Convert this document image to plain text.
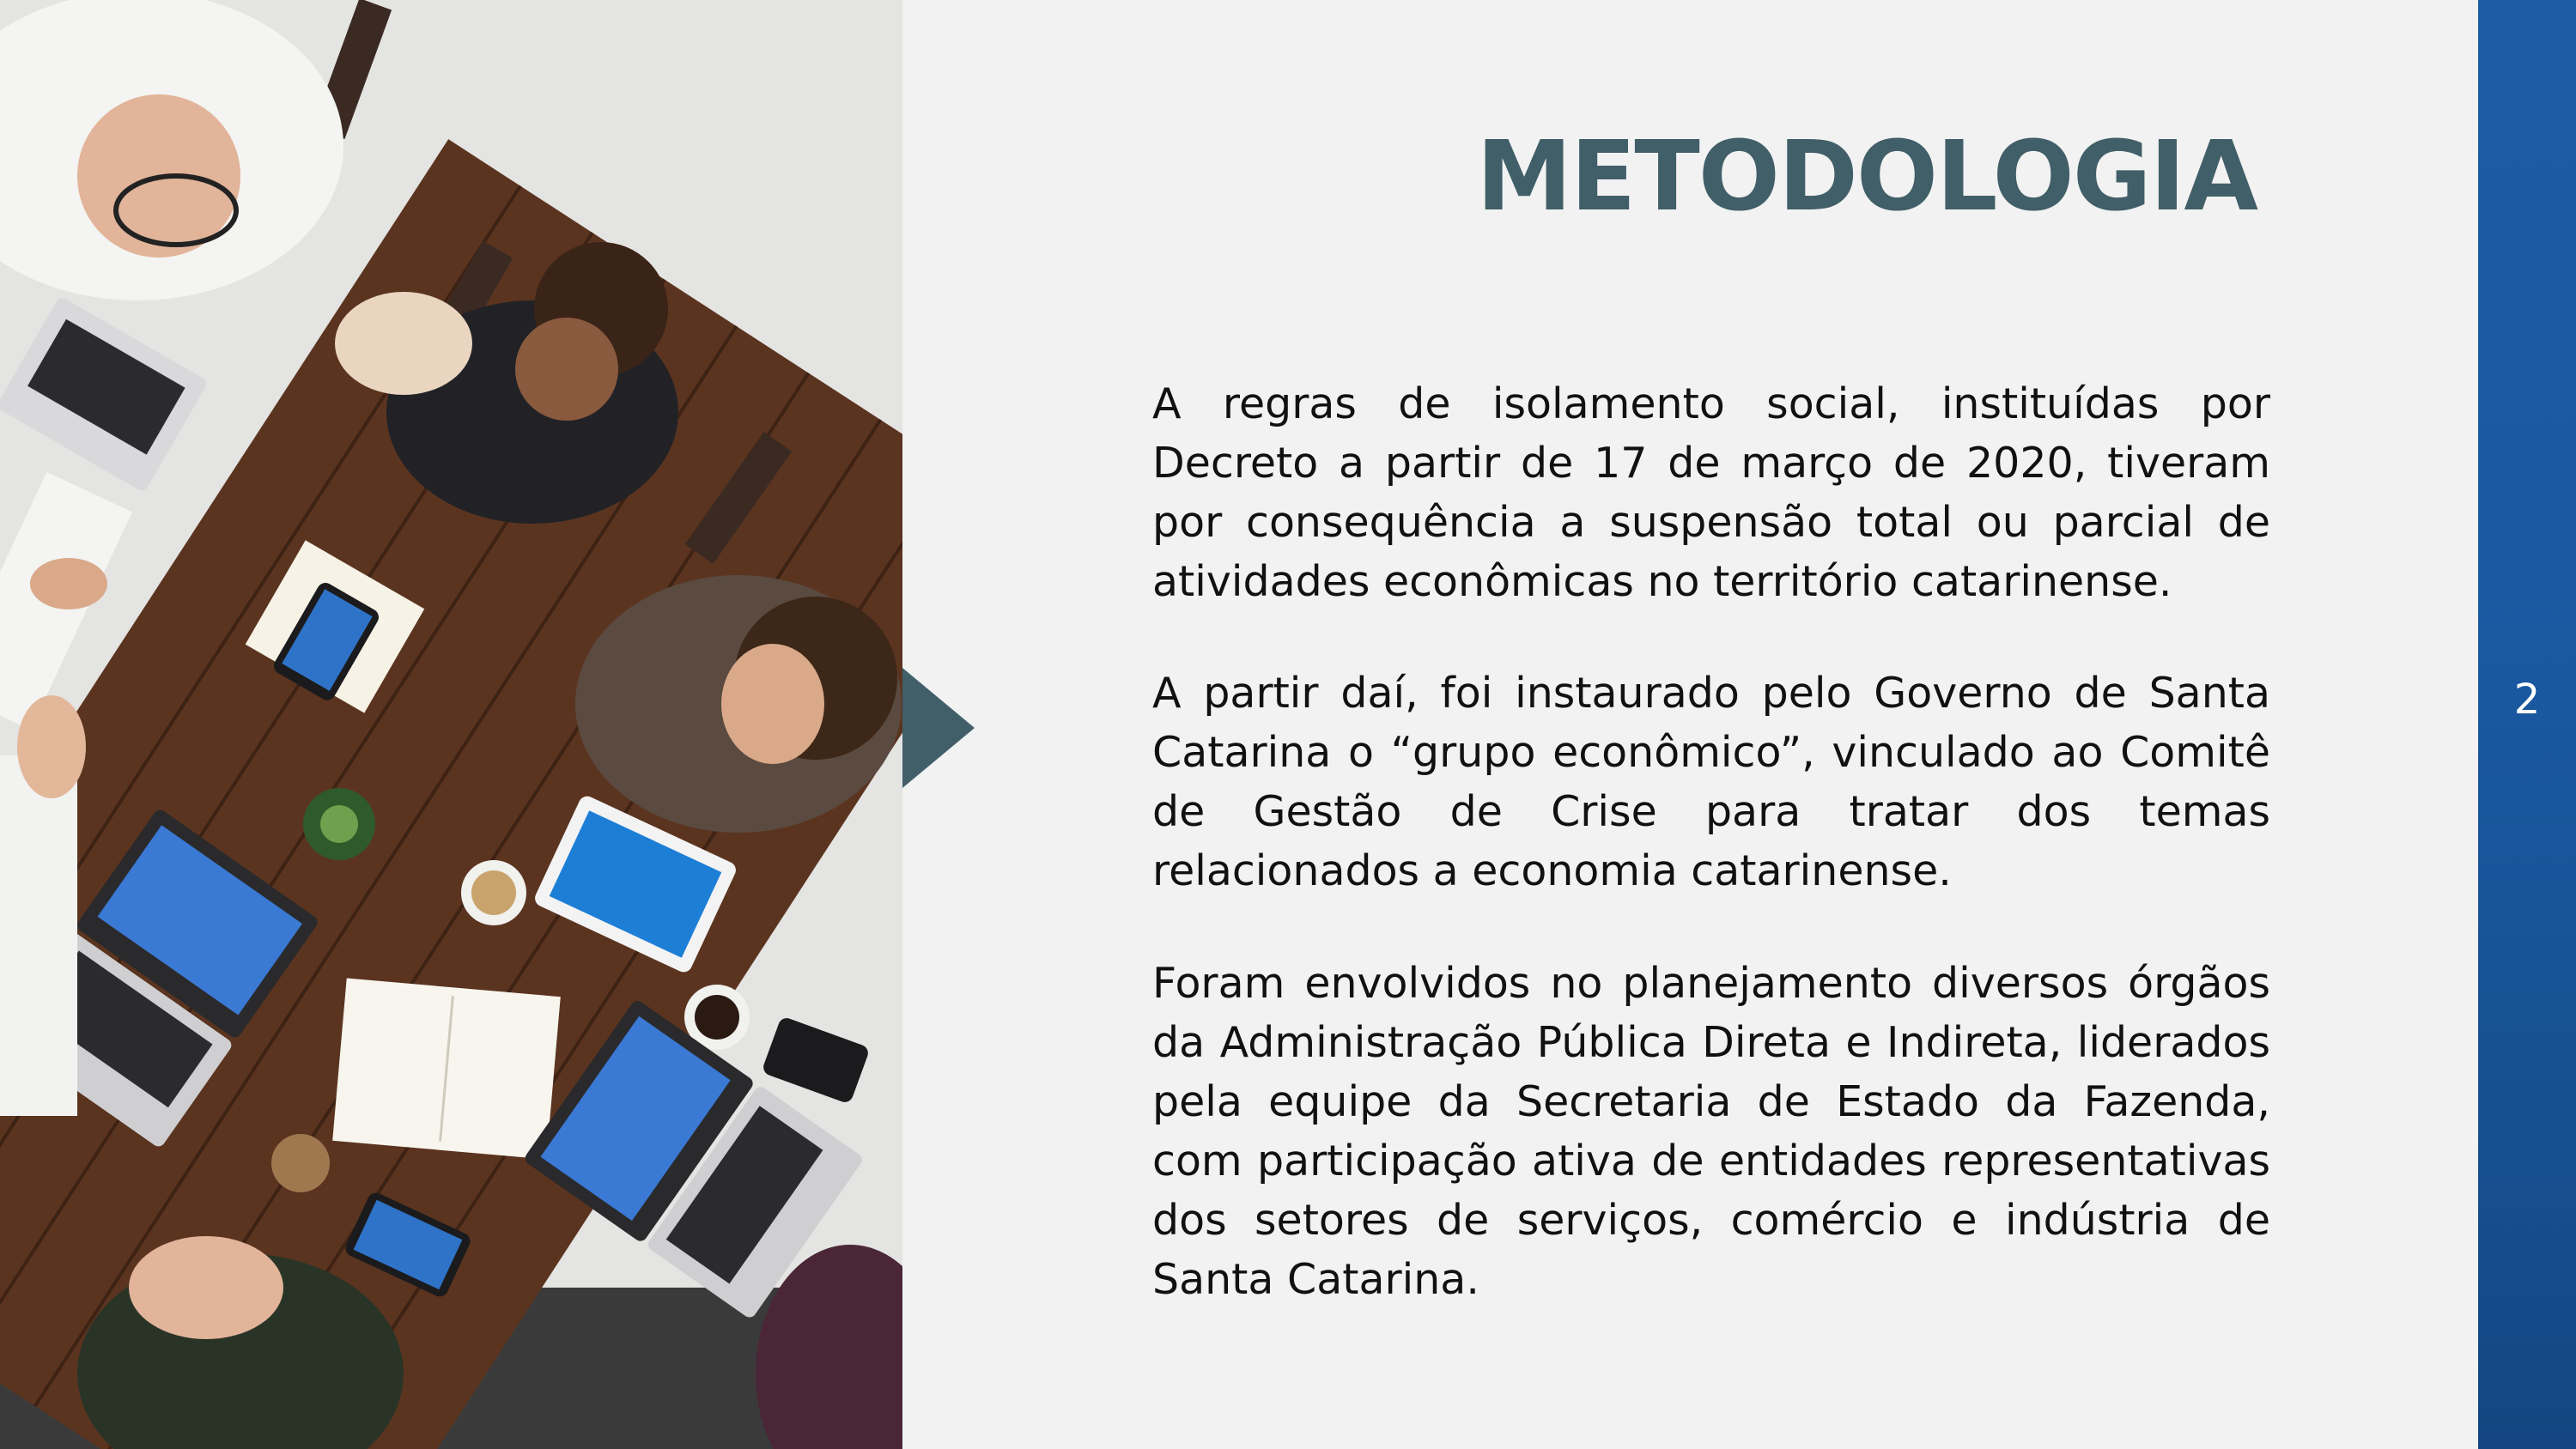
METODOLOGIA

A regras de isolamento social, instituídas por Decreto a partir de 17 de março de 2020, tiveram por consequência a suspensão total ou parcial de atividades econômicas no território catarinense.

A partir daí, foi instaurado pelo Governo de Santa Catarina o “grupo econômico”, vinculado ao Comitê de Gestão de Crise para tratar dos temas relacionados a economia catarinense.

Foram envolvidos no planejamento diversos órgãos da Administração Pública Direta e Indireta, liderados pela equipe da Secretaria de Estado da Fazenda, com participação ativa de entidades representativas dos setores de serviços, comércio e indústria de Santa Catarina.

2
